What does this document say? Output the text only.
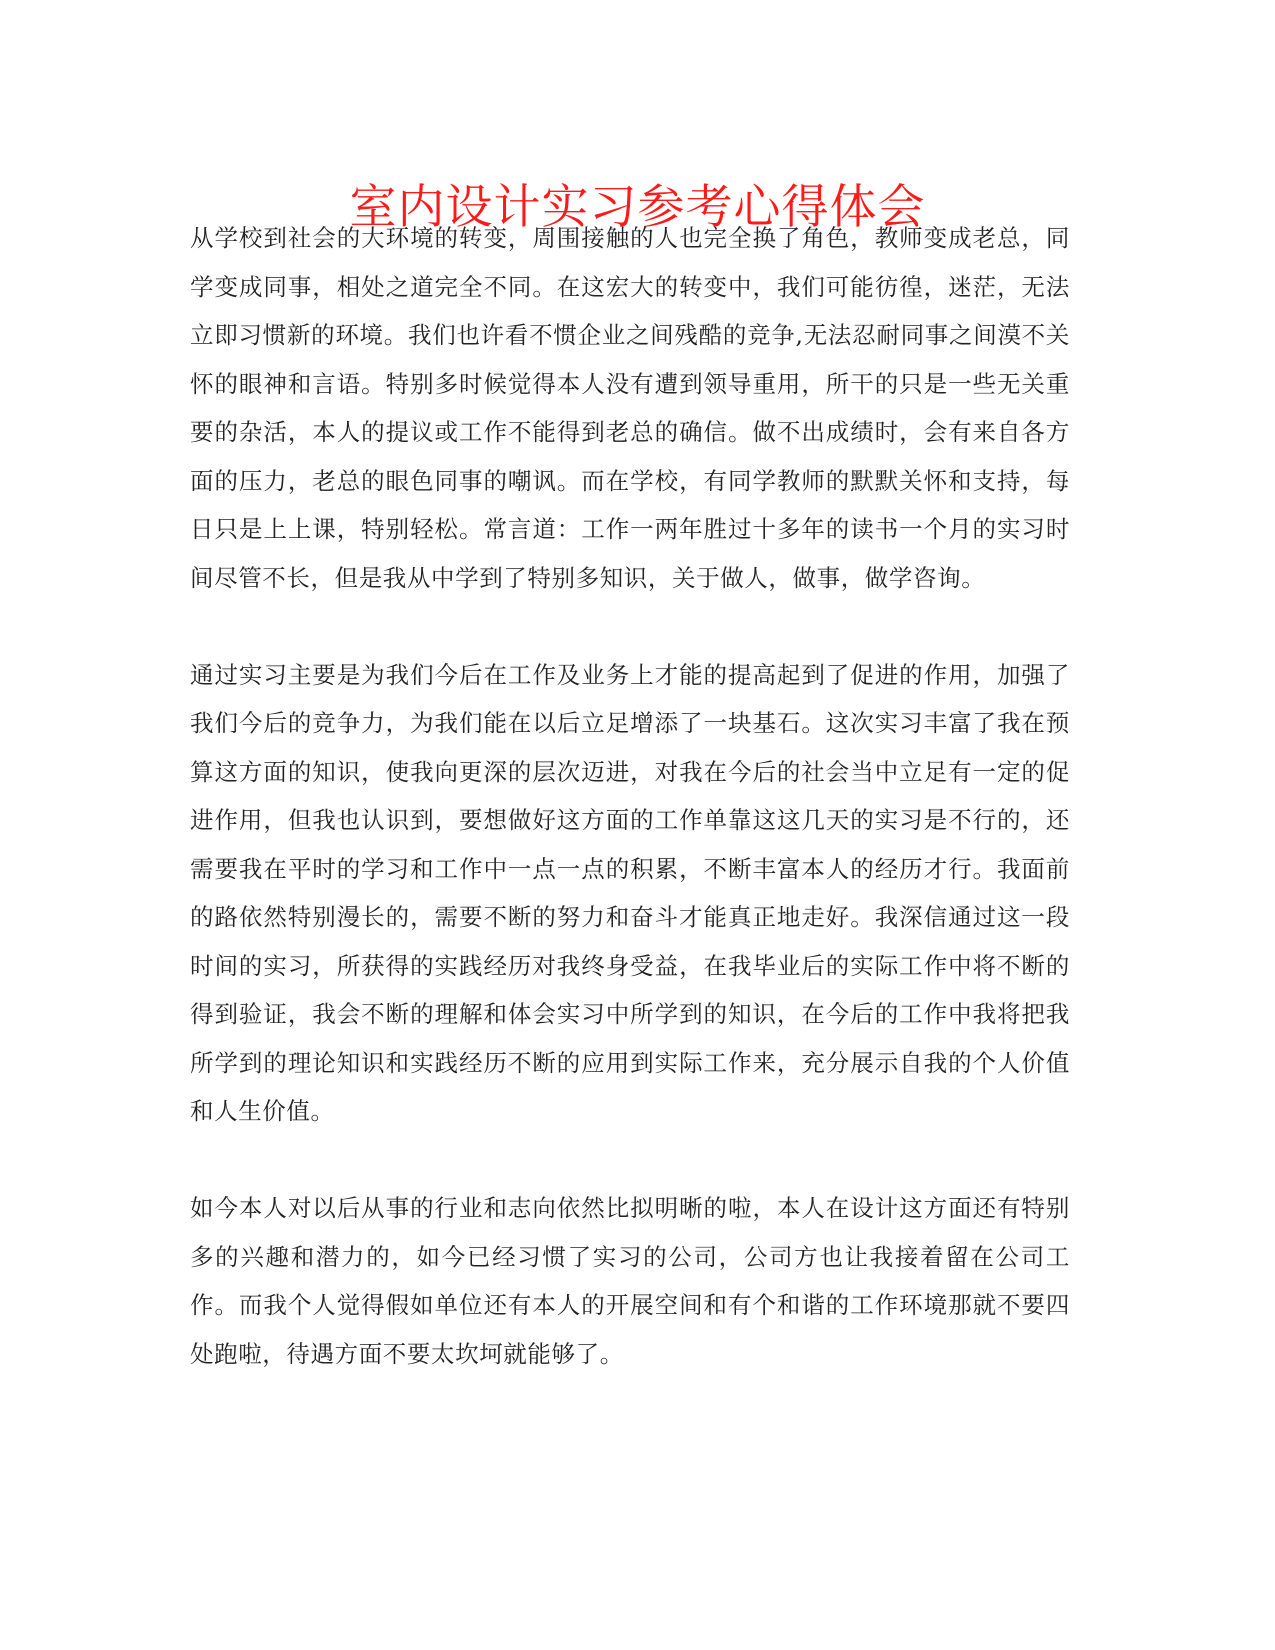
室内设计实习参考心得体会

从学校到社会的大环境的转变，周围接触的人也完全换了角色，教师变成老总，同学变成同事，相处之道完全不同。在这宏大的转变中，我们可能彷徨，迷茫，无法立即习惯新的环境。我们也许看不惯企业之间残酷的竞争,无法忍耐同事之间漠不关怀的眼神和言语。特别多时候觉得本人没有遭到领导重用，所干的只是一些无关重要的杂活，本人的提议或工作不能得到老总的确信。做不出成绩时，会有来自各方面的压力，老总的眼色同事的嘲讽。而在学校，有同学教师的默默关怀和支持，每日只是上上课，特别轻松。常言道：工作一两年胜过十多年的读书一个月的实习时间尽管不长，但是我从中学到了特别多知识，关于做人，做事，做学咨询。

通过实习主要是为我们今后在工作及业务上才能的提高起到了促进的作用，加强了我们今后的竞争力，为我们能在以后立足增添了一块基石。这次实习丰富了我在预算这方面的知识，使我向更深的层次迈进，对我在今后的社会当中立足有一定的促进作用，但我也认识到，要想做好这方面的工作单靠这这几天的实习是不行的，还需要我在平时的学习和工作中一点一点的积累，不断丰富本人的经历才行。我面前的路依然特别漫长的，需要不断的努力和奋斗才能真正地走好。我深信通过这一段时间的实习，所获得的实践经历对我终身受益，在我毕业后的实际工作中将不断的得到验证，我会不断的理解和体会实习中所学到的知识，在今后的工作中我将把我所学到的理论知识和实践经历不断的应用到实际工作来，充分展示自我的个人价值和人生价值。

如今本人对以后从事的行业和志向依然比拟明晰的啦，本人在设计这方面还有特别多的兴趣和潜力的，如今已经习惯了实习的公司，公司方也让我接着留在公司工作。而我个人觉得假如单位还有本人的开展空间和有个和谐的工作环境那就不要四处跑啦，待遇方面不要太坎坷就能够了。
